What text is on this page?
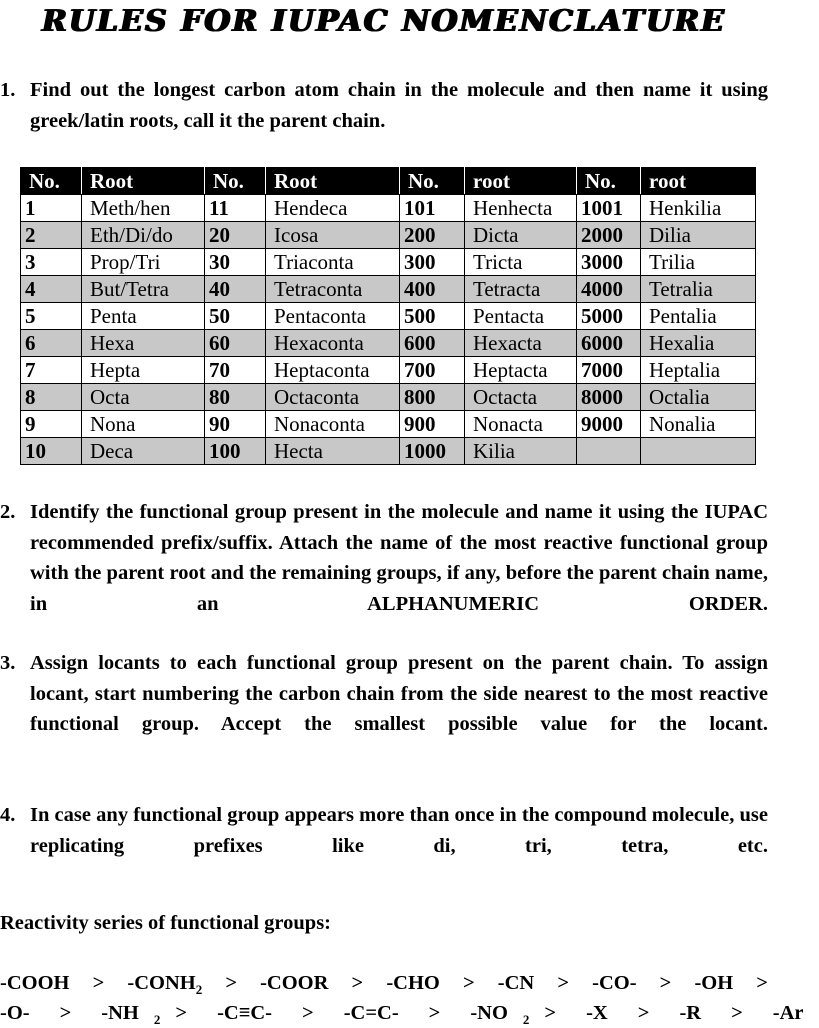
RULES FOR IUPAC NOMENCLATURE
1. Find out the longest carbon atom chain in the molecule and then name it using greek/latin roots, call it the parent chain.
No.	Root	No.	Root	No.	root	No.	root
1	Meth/hen	11	Hendeca	101	Henhecta	1001	Henkilia
2	Eth/Di/do	20	Icosa	200	Dicta	2000	Dilia
3	Prop/Tri	30	Triaconta	300	Tricta	3000	Trilia
4	But/Tetra	40	Tetraconta	400	Tetracta	4000	Tetralia
5	Penta	50	Pentaconta	500	Pentacta	5000	Pentalia
6	Hexa	60	Hexaconta	600	Hexacta	6000	Hexalia
7	Hepta	70	Heptaconta	700	Heptacta	7000	Heptalia
8	Octa	80	Octaconta	800	Octacta	8000	Octalia
9	Nona	90	Nonaconta	900	Nonacta	9000	Nonalia
10	Deca	100	Hecta	1000	Kilia		
2. Identify the functional group present in the molecule and name it using the IUPAC recommended prefix/suffix. Attach the name of the most reactive functional group with the parent root and the remaining groups, if any, before the parent chain name, in an ALPHANUMERIC ORDER.
3. Assign locants to each functional group present on the parent chain. To assign locant, start numbering the carbon chain from the side nearest to the most reactive functional group. Accept the smallest possible value for the locant.
4. In case any functional group appears more than once in the compound molecule, use replicating prefixes like di, tri, tetra, etc.
Reactivity series of functional groups:
-COOH > $-CONH_2$ > -COOR > -CHO > -CN > -CO- > -OH >
-O-	>	-NH $_2$ >	-C≡C-	>	-C=C-	>	-NO $_2$ >	-X	>	-R	>	-Ar
